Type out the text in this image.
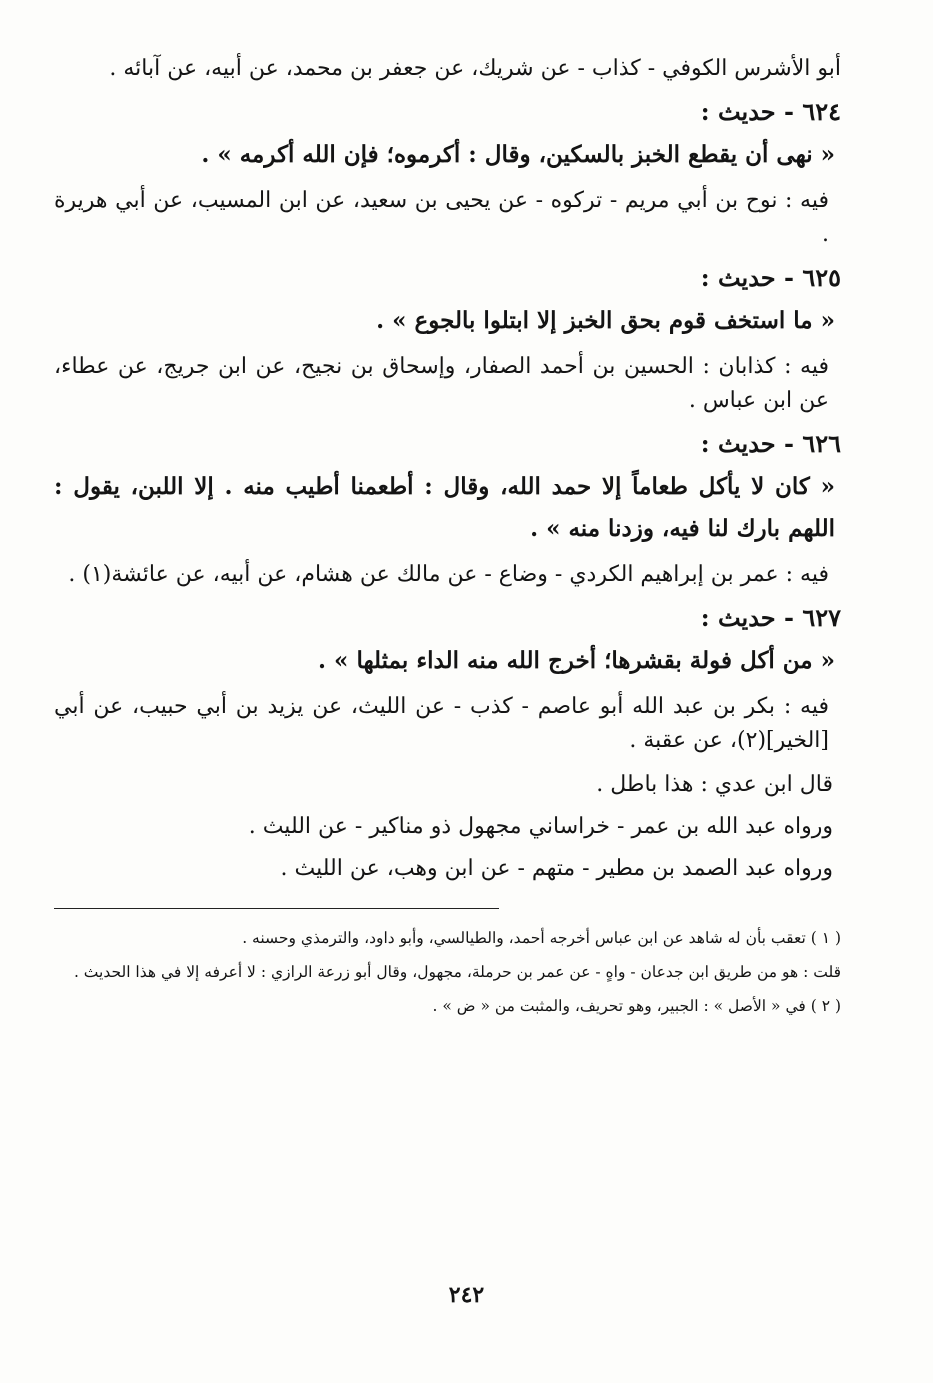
أبو الأشرس الكوفي - كذاب - عن شريك، عن جعفر بن محمد، عن أبيه، عن آبائه .

٦٢٤ - حديث :
« نهى أن يقطع الخبز بالسكين، وقال : أكرموه؛ فإن الله أكرمه » .

فيه : نوح بن أبي مريم - تركوه - عن يحيى بن سعيد، عن ابن المسيب، عن أبي هريرة .

٦٢٥ - حديث :
« ما استخف قوم بحق الخبز إلا ابتلوا بالجوع » .

فيه : كذابان : الحسين بن أحمد الصفار، وإسحاق بن نجيح، عن ابن جريج، عن عطاء، عن ابن عباس .

٦٢٦ - حديث :
« كان لا يأكل طعاماً إلا حمد الله، وقال : أطعمنا أطيب منه . إلا اللبن، يقول : اللهم بارك لنا فيه، وزدنا منه » .

فيه : عمر بن إبراهيم الكردي - وضاع - عن مالك عن هشام، عن أبيه، عن عائشة(١) .

٦٢٧ - حديث :
« من أكل فولة بقشرها؛ أخرج الله منه الداء بمثلها » .

فيه : بكر بن عبد الله أبو عاصم - كذب - عن الليث، عن يزيد بن أبي حبيب، عن أبي [الخير](٢)، عن عقبة .

قال ابن عدي : هذا باطل .

ورواه عبد الله بن عمر - خراساني مجهول ذو مناكير - عن الليث .

ورواه عبد الصمد بن مطير - متهم - عن ابن وهب، عن الليث .

( ١ ) تعقب بأن له شاهد عن ابن عباس أخرجه أحمد، والطيالسي، وأبو داود، والترمذي وحسنه .

قلت : هو من طريق ابن جدعان - واهٍ - عن عمر بن حرملة، مجهول، وقال أبو زرعة الرازي : لا أعرفه إلا في هذا الحديث .

( ٢ ) في « الأصل » : الجبير، وهو تحريف، والمثبت من « ض » .

٢٤٢
